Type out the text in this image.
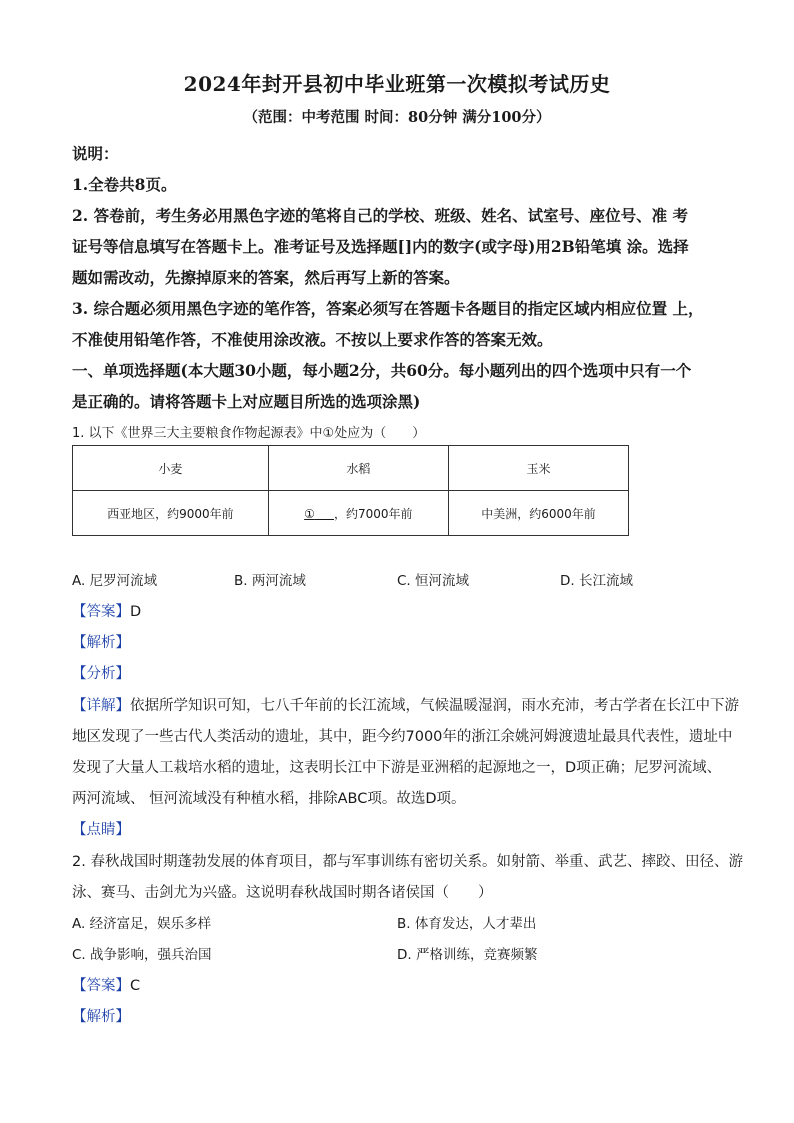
2024年封开县初中毕业班第一次模拟考试历史
（范围：中考范围 时间：80分钟 满分100分）
说明：
1.全卷共8页。
2. 答卷前，考生务必用黑色字迹的笔将自己的学校、班级、姓名、试室号、座位号、准 考
证号等信息填写在答题卡上。准考证号及选择题[]内的数字(或字母)用2B铅笔填 涂。选择
题如需改动，先擦掉原来的答案，然后再写上新的答案。
3. 综合题必须用黑色字迹的笔作答，答案必须写在答题卡各题目的指定区域内相应位置 上，
不准使用铅笔作答，不准使用涂改液。不按以上要求作答的答案无效。
一、单项选择题(本大题30小题，每小题2分，共60分。每小题列出的四个选项中只有一个
是正确的。请将答题卡上对应题目所选的选项涂黑)
1. 以下《世界三大主要粮食作物起源表》中①处应为（　　）
小麦	水稻	玉米
西亚地区，约9000年前	① ，约7000年前	中美洲，约6000年前
A. 尼罗河流域	B. 两河流域	C. 恒河流域	D. 长江流域
【答案】D
【解析】
【分析】
【详解】依据所学知识可知，七八千年前的长江流域，气候温暖湿润，雨水充沛，考古学者在长江中下游
地区发现了一些古代人类活动的遗址，其中，距今约7000年的浙江余姚河姆渡遗址最具代表性，遗址中
发现了大量人工栽培水稻的遗址，这表明长江中下游是亚洲稻的起源地之一，D项正确；尼罗河流域、
两河流域、 恒河流域没有种植水稻，排除ABC项。故选D项。
【点睛】
2. 春秋战国时期蓬勃发展的体育项目，都与军事训练有密切关系。如射箭、举重、武艺、摔跤、田径、游
泳、赛马、击剑尤为兴盛。这说明春秋战国时期各诸侯国（　　）
A. 经济富足，娱乐多样	B. 体育发达，人才辈出
C. 战争影响，强兵治国	D. 严格训练，竞赛频繁
【答案】C
【解析】
